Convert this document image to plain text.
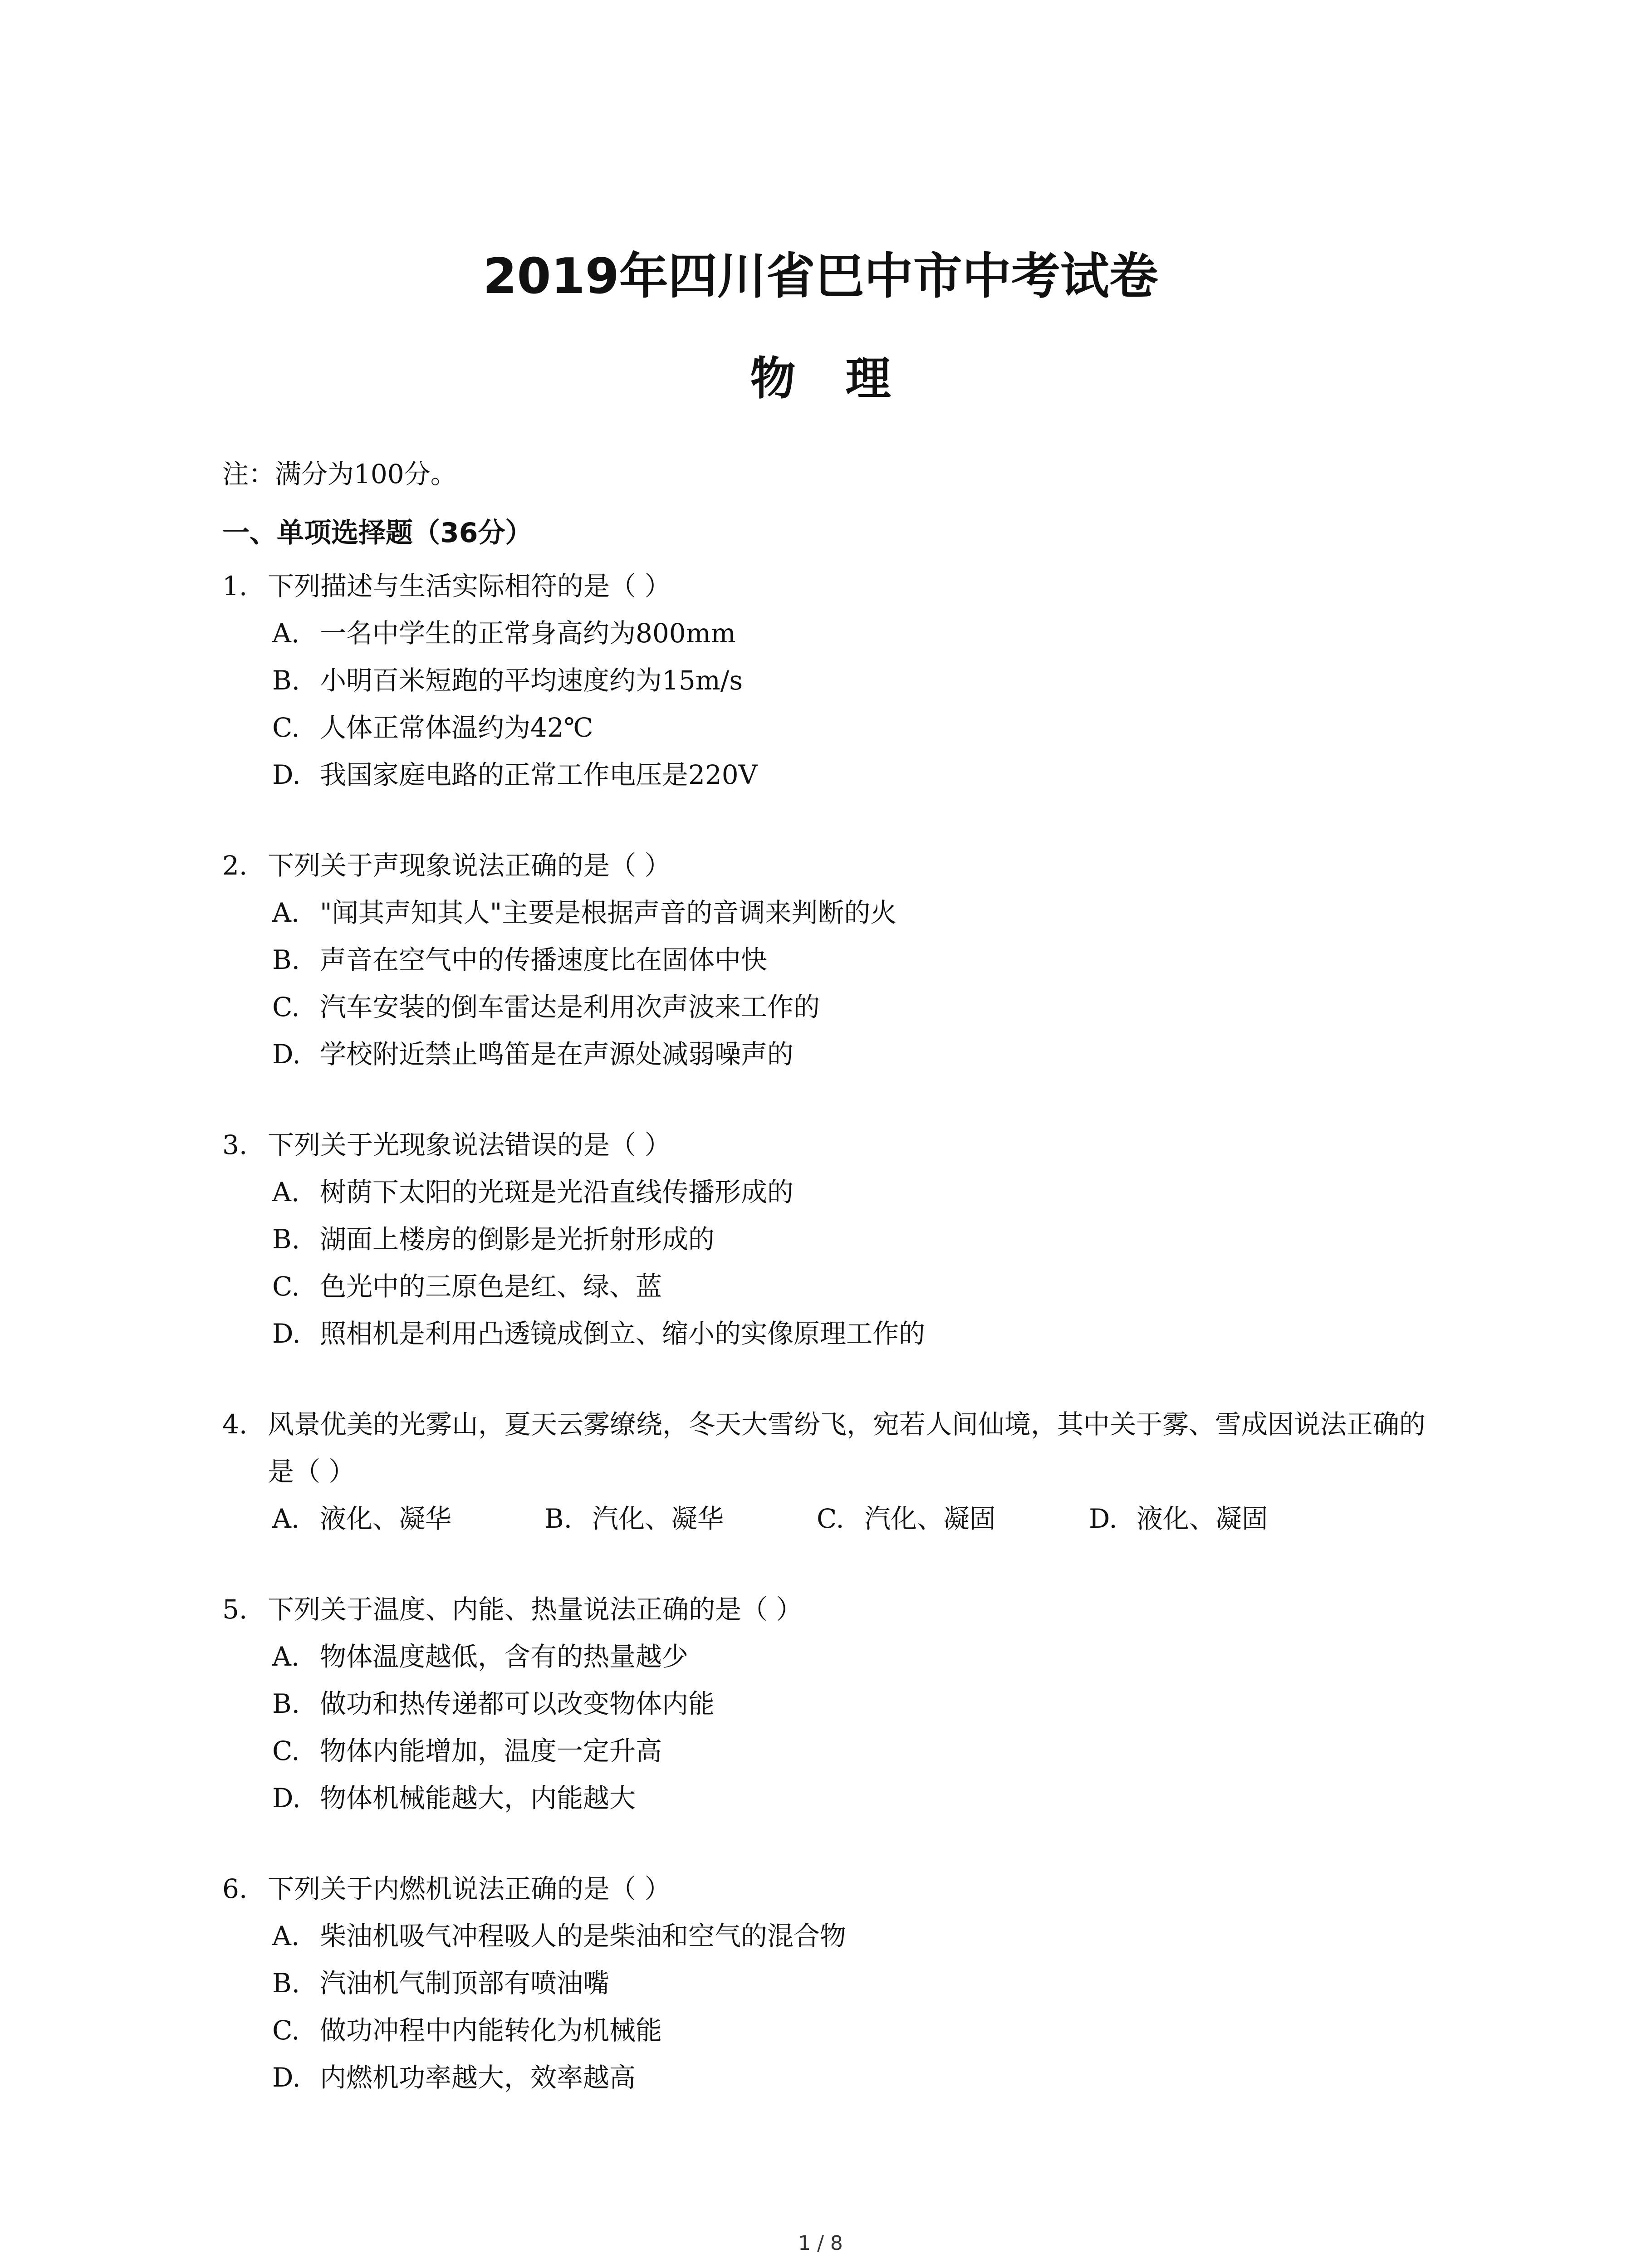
2019年四川省巴中市中考试卷
物理
注：满分为100分。
一、单项选择题（36分）
1. 下列描述与生活实际相符的是（ ）
A. 一名中学生的正常身高约为800mm
B. 小明百米短跑的平均速度约为15m/s
C. 人体正常体温约为42℃
D. 我国家庭电路的正常工作电压是220V
2. 下列关于声现象说法正确的是（ ）
A. "闻其声知其人"主要是根据声音的音调来判断的火
B. 声音在空气中的传播速度比在固体中快
C. 汽车安装的倒车雷达是利用次声波来工作的
D. 学校附近禁止鸣笛是在声源处减弱噪声的
3. 下列关于光现象说法错误的是（ ）
A. 树荫下太阳的光斑是光沿直线传播形成的
B. 湖面上楼房的倒影是光折射形成的
C. 色光中的三原色是红、绿、蓝
D. 照相机是利用凸透镜成倒立、缩小的实像原理工作的
4. 风景优美的光雾山，夏天云雾缭绕，冬天大雪纷飞，宛若人间仙境，其中关于雾、雪成因说法正确的是（ ）
A. 液化、凝华	B. 汽化、凝华	C. 汽化、凝固	D. 液化、凝固
5. 下列关于温度、内能、热量说法正确的是（ ）
A. 物体温度越低，含有的热量越少
B. 做功和热传递都可以改变物体内能
C. 物体内能增加，温度一定升高
D. 物体机械能越大，内能越大
6. 下列关于内燃机说法正确的是（ ）
A. 柴油机吸气冲程吸人的是柴油和空气的混合物
B. 汽油机气制顶部有喷油嘴
C. 做功冲程中内能转化为机械能
D. 内燃机功率越大，效率越高
1 / 8
